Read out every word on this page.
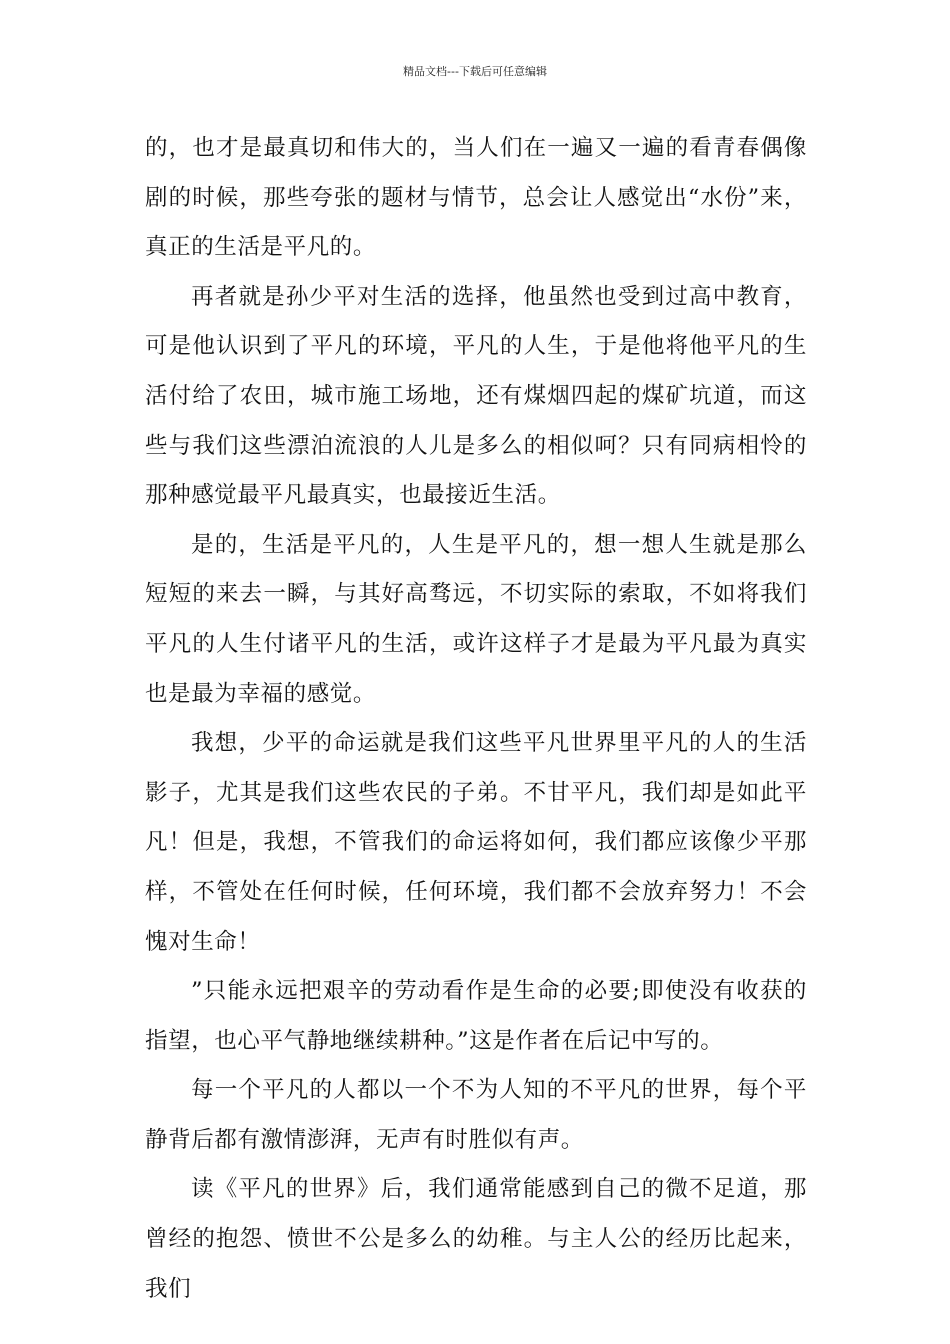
精品文档---下载后可任意编辑

的，也才是最真切和伟大的，当人们在一遍又一遍的看青春偶像剧的时候，那些夸张的题材与情节，总会让人感觉出“水份”来，真正的生活是平凡的。

再者就是孙少平对生活的选择，他虽然也受到过高中教育，可是他认识到了平凡的环境，平凡的人生，于是他将他平凡的生活付给了农田，城市施工场地，还有煤烟四起的煤矿坑道，而这些与我们这些漂泊流浪的人儿是多么的相似呵？只有同病相怜的那种感觉最平凡最真实，也最接近生活。

是的，生活是平凡的，人生是平凡的，想一想人生就是那么短短的来去一瞬，与其好高骛远，不切实际的索取，不如将我们平凡的人生付诸平凡的生活，或许这样子才是最为平凡最为真实也是最为幸福的感觉。

我想，少平的命运就是我们这些平凡世界里平凡的人的生活影子，尤其是我们这些农民的子弟。不甘平凡，我们却是如此平凡！但是，我想，不管我们的命运将如何，我们都应该像少平那样，不管处在任何时候，任何环境，我们都不会放弃努力！不会愧对生命！

”只能永远把艰辛的劳动看作是生命的必要;即使没有收获的指望，也心平气静地继续耕种。”这是作者在后记中写的。

每一个平凡的人都以一个不为人知的不平凡的世界，每个平静背后都有激情澎湃，无声有时胜似有声。

读《平凡的世界》后，我们通常能感到自己的微不足道，那曾经的抱怨、愤世不公是多么的幼稚。与主人公的经历比起来，我们
